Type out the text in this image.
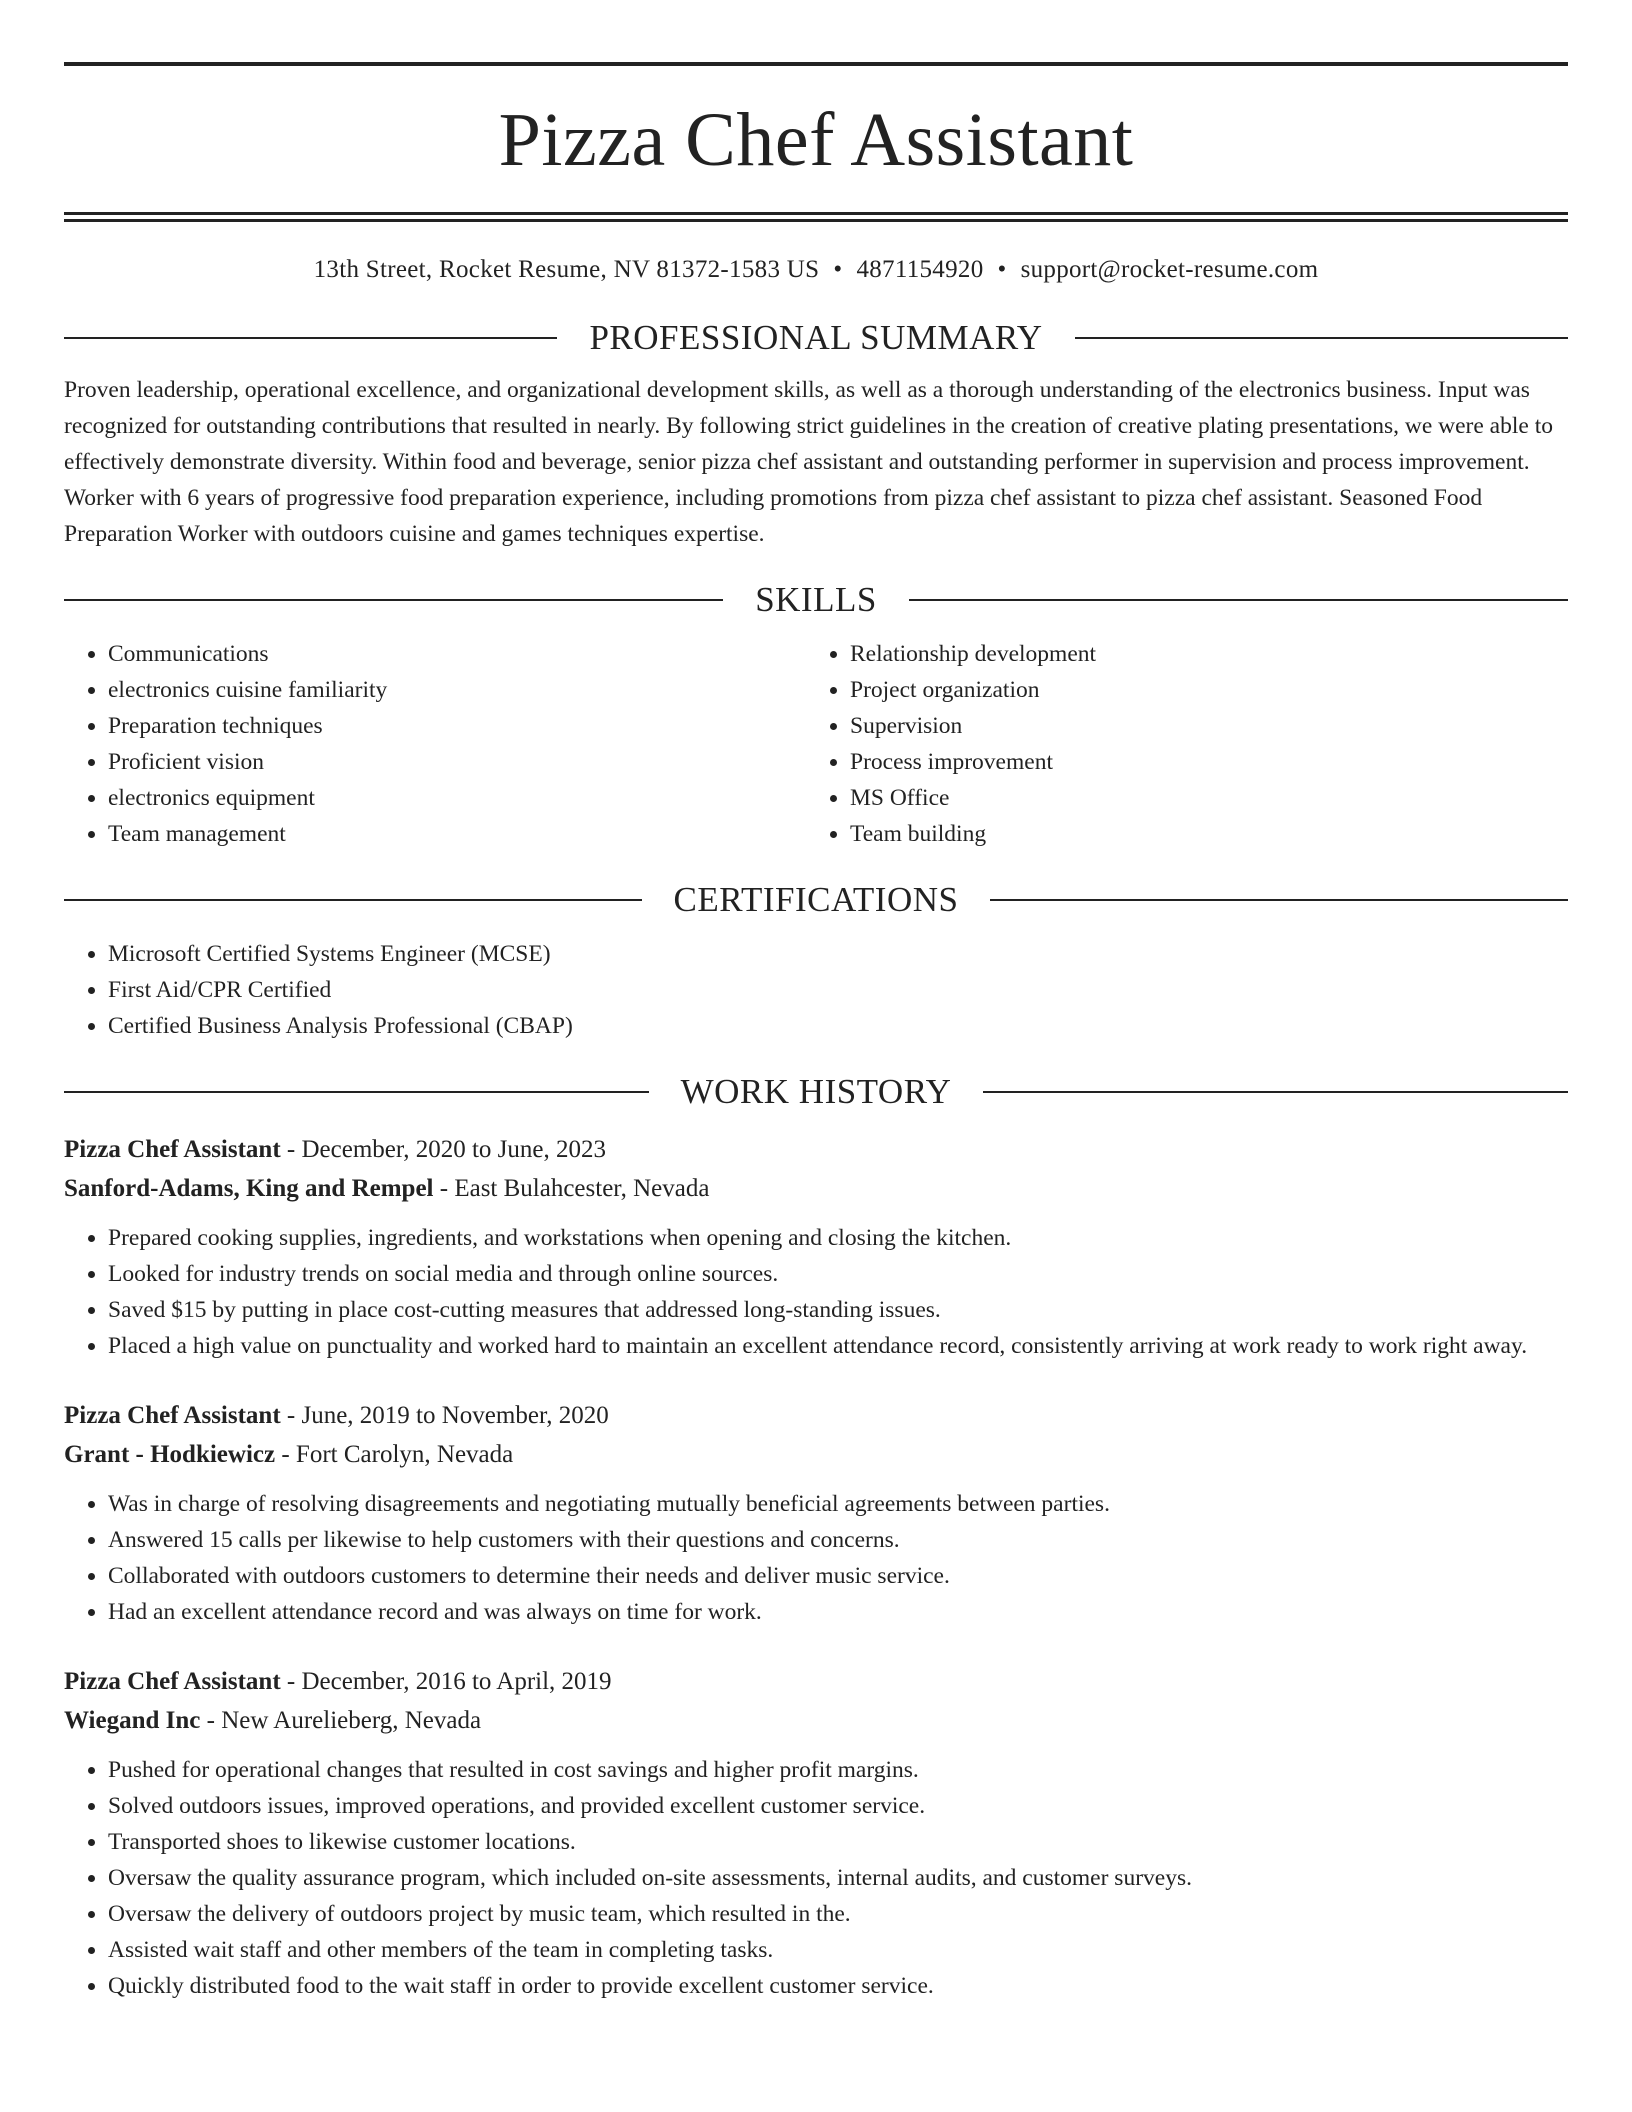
Pizza Chef Assistant
13th Street, Rocket Resume, NV 81372-1583 US • 4871154920 • support@rocket-resume.com
PROFESSIONAL SUMMARY
Proven leadership, operational excellence, and organizational development skills, as well as a thorough understanding of the electronics business. Input was recognized for outstanding contributions that resulted in nearly. By following strict guidelines in the creation of creative plating presentations, we were able to effectively demonstrate diversity. Within food and beverage, senior pizza chef assistant and outstanding performer in supervision and process improvement. Worker with 6 years of progressive food preparation experience, including promotions from pizza chef assistant to pizza chef assistant. Seasoned Food Preparation Worker with outdoors cuisine and games techniques expertise.
SKILLS
• Communications
• electronics cuisine familiarity
• Preparation techniques
• Proficient vision
• electronics equipment
• Team management
• Relationship development
• Project organization
• Supervision
• Process improvement
• MS Office
• Team building
CERTIFICATIONS
• Microsoft Certified Systems Engineer (MCSE)
• First Aid/CPR Certified
• Certified Business Analysis Professional (CBAP)
WORK HISTORY
Pizza Chef Assistant - December, 2020 to June, 2023
Sanford-Adams, King and Rempel - East Bulahcester, Nevada
• Prepared cooking supplies, ingredients, and workstations when opening and closing the kitchen.
• Looked for industry trends on social media and through online sources.
• Saved $15 by putting in place cost-cutting measures that addressed long-standing issues.
• Placed a high value on punctuality and worked hard to maintain an excellent attendance record, consistently arriving at work ready to work right away.
Pizza Chef Assistant - June, 2019 to November, 2020
Grant - Hodkiewicz - Fort Carolyn, Nevada
• Was in charge of resolving disagreements and negotiating mutually beneficial agreements between parties.
• Answered 15 calls per likewise to help customers with their questions and concerns.
• Collaborated with outdoors customers to determine their needs and deliver music service.
• Had an excellent attendance record and was always on time for work.
Pizza Chef Assistant - December, 2016 to April, 2019
Wiegand Inc - New Aurelieberg, Nevada
• Pushed for operational changes that resulted in cost savings and higher profit margins.
• Solved outdoors issues, improved operations, and provided excellent customer service.
• Transported shoes to likewise customer locations.
• Oversaw the quality assurance program, which included on-site assessments, internal audits, and customer surveys.
• Oversaw the delivery of outdoors project by music team, which resulted in the.
• Assisted wait staff and other members of the team in completing tasks.
• Quickly distributed food to the wait staff in order to provide excellent customer service.
